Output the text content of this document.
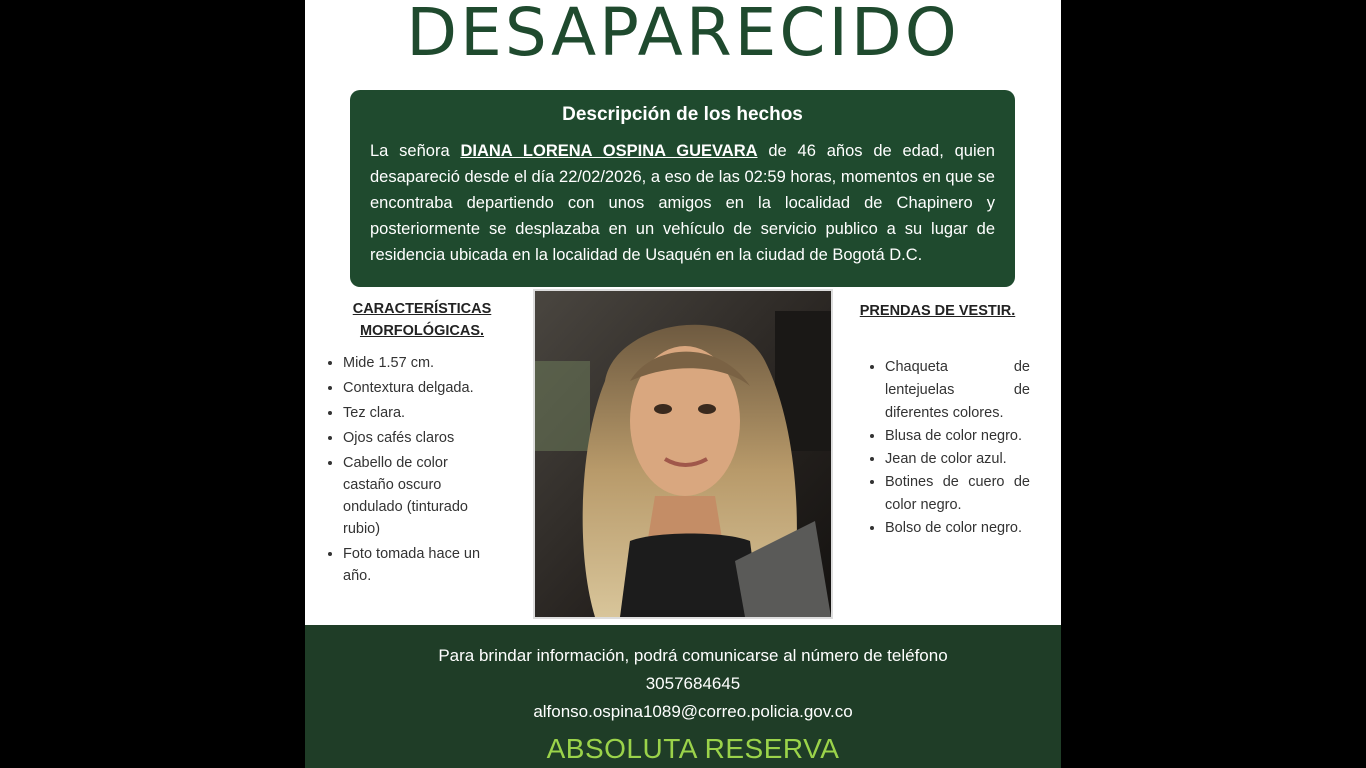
DESAPARECIDO
Descripción de los hechos
La señora DIANA LORENA OSPINA GUEVARA de 46 años de edad, quien desapareció desde el día 22/02/2026, a eso de las 02:59 horas, momentos en que se encontraba departiendo con unos amigos en la localidad de Chapinero y posteriormente se desplazaba en un vehículo de servicio publico a su lugar de residencia ubicada en la localidad de Usaquén en la ciudad de Bogotá D.C.
CARACTERÍSTICAS
MORFOLÓGICAS.
• Mide 1.57 cm.
• Contextura delgada.
• Tez clara.
• Ojos cafés claros
• Cabello de color castaño oscuro ondulado (tinturado rubio)
• Foto tomada hace un año.
PRENDAS DE VESTIR.
• Chaqueta de lentejuelas de diferentes colores.
• Blusa de color negro.
• Jean de color azul.
• Botines de cuero de color negro.
• Bolso de color negro.
Para brindar información, podrá comunicarse al número de teléfono
3057684645
alfonso.ospina1089@correo.policia.gov.co
ABSOLUTA RESERVA
